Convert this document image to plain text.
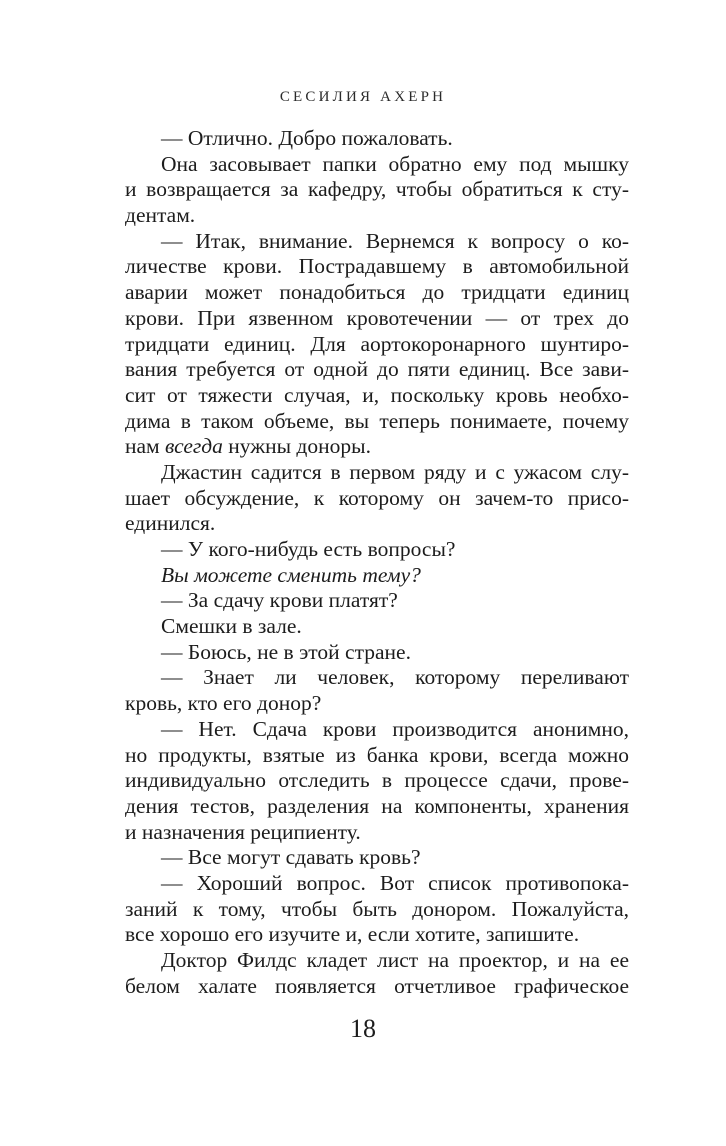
СЕСИЛИЯ АХЕРН
— Отлично. Добро пожаловать.
Она засовывает папки обратно ему под мышку
и возвращается за кафедру, чтобы обратиться к сту-
дентам.
— Итак, внимание. Вернемся к вопросу о ко-
личестве крови. Пострадавшему в автомобильной
аварии может понадобиться до тридцати единиц
крови. При язвенном кровотечении — от трех до
тридцати единиц. Для аортокоронарного шунтиро-
вания требуется от одной до пяти единиц. Все зави-
сит от тяжести случая, и, поскольку кровь необхо-
дима в таком объеме, вы теперь понимаете, почему
нам всегда нужны доноры.
Джастин садится в первом ряду и с ужасом слу-
шает обсуждение, к которому он зачем-то присо-
единился.
— У кого-нибудь есть вопросы?
Вы можете сменить тему?
— За сдачу крови платят?
Смешки в зале.
— Боюсь, не в этой стране.
— Знает ли человек, которому переливают
кровь, кто его донор?
— Нет. Сдача крови производится анонимно,
но продукты, взятые из банка крови, всегда можно
индивидуально отследить в процессе сдачи, прове-
дения тестов, разделения на компоненты, хранения
и назначения реципиенту.
— Все могут сдавать кровь?
— Хороший вопрос. Вот список противопока-
заний к тому, чтобы быть донором. Пожалуйста,
все хорошо его изучите и, если хотите, запишите.
Доктор Филдс кладет лист на проектор, и на ее
белом халате появляется отчетливое графическое
18
